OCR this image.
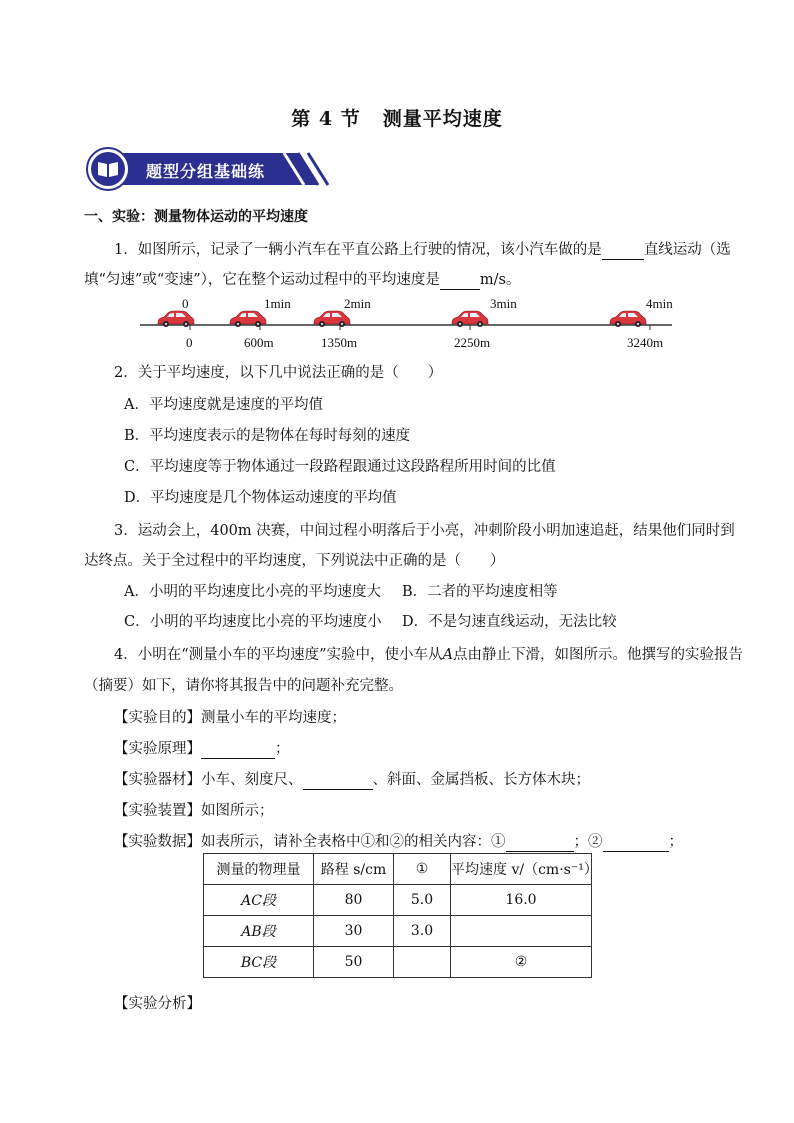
第 4 节 测量平均速度
题型分组基础练
一、实验：测量物体运动的平均速度
1．如图所示，记录了一辆小汽车在平直公路上行驶的情况，该小汽车做的是	直线运动（选
填“匀速”或“变速”），它在整个运动过程中的平均速度是	m/s。
0	1min	2min	3min	4min
0	600m	1350m	2250m	3240m
2．关于平均速度，以下几中说法正确的是（　　）
A．平均速度就是速度的平均值
B．平均速度表示的是物体在每时每刻的速度
C．平均速度等于物体通过一段路程跟通过这段路程所用时间的比值
D．平均速度是几个物体运动速度的平均值
3．运动会上，400m 决赛，中间过程小明落后于小亮，冲刺阶段小明加速追赶，结果他们同时到
达终点。关于全过程中的平均速度，下列说法中正确的是（　　）
A．小明的平均速度比小亮的平均速度大 B．二者的平均速度相等
C．小明的平均速度比小亮的平均速度小 D．不是匀速直线运动，无法比较
4．小明在“测量小车的平均速度”实验中，使小车从A点由静止下滑，如图所示。他撰写的实验报告
（摘要）如下，请你将其报告中的问题补充完整。
【实验目的】测量小车的平均速度；
【实验原理】	；
【实验器材】小车、刻度尺、	、斜面、金属挡板、长方体木块；
【实验装置】如图所示；
【实验数据】如表所示，请补全表格中①和②的相关内容：①	；②	；
测量的物理量	路程 s/cm	①	平均速度 v/（cm·s⁻¹）
AC段	80	5.0	16.0
AB段	30	3.0	
BC段	50		②
【实验分析】
